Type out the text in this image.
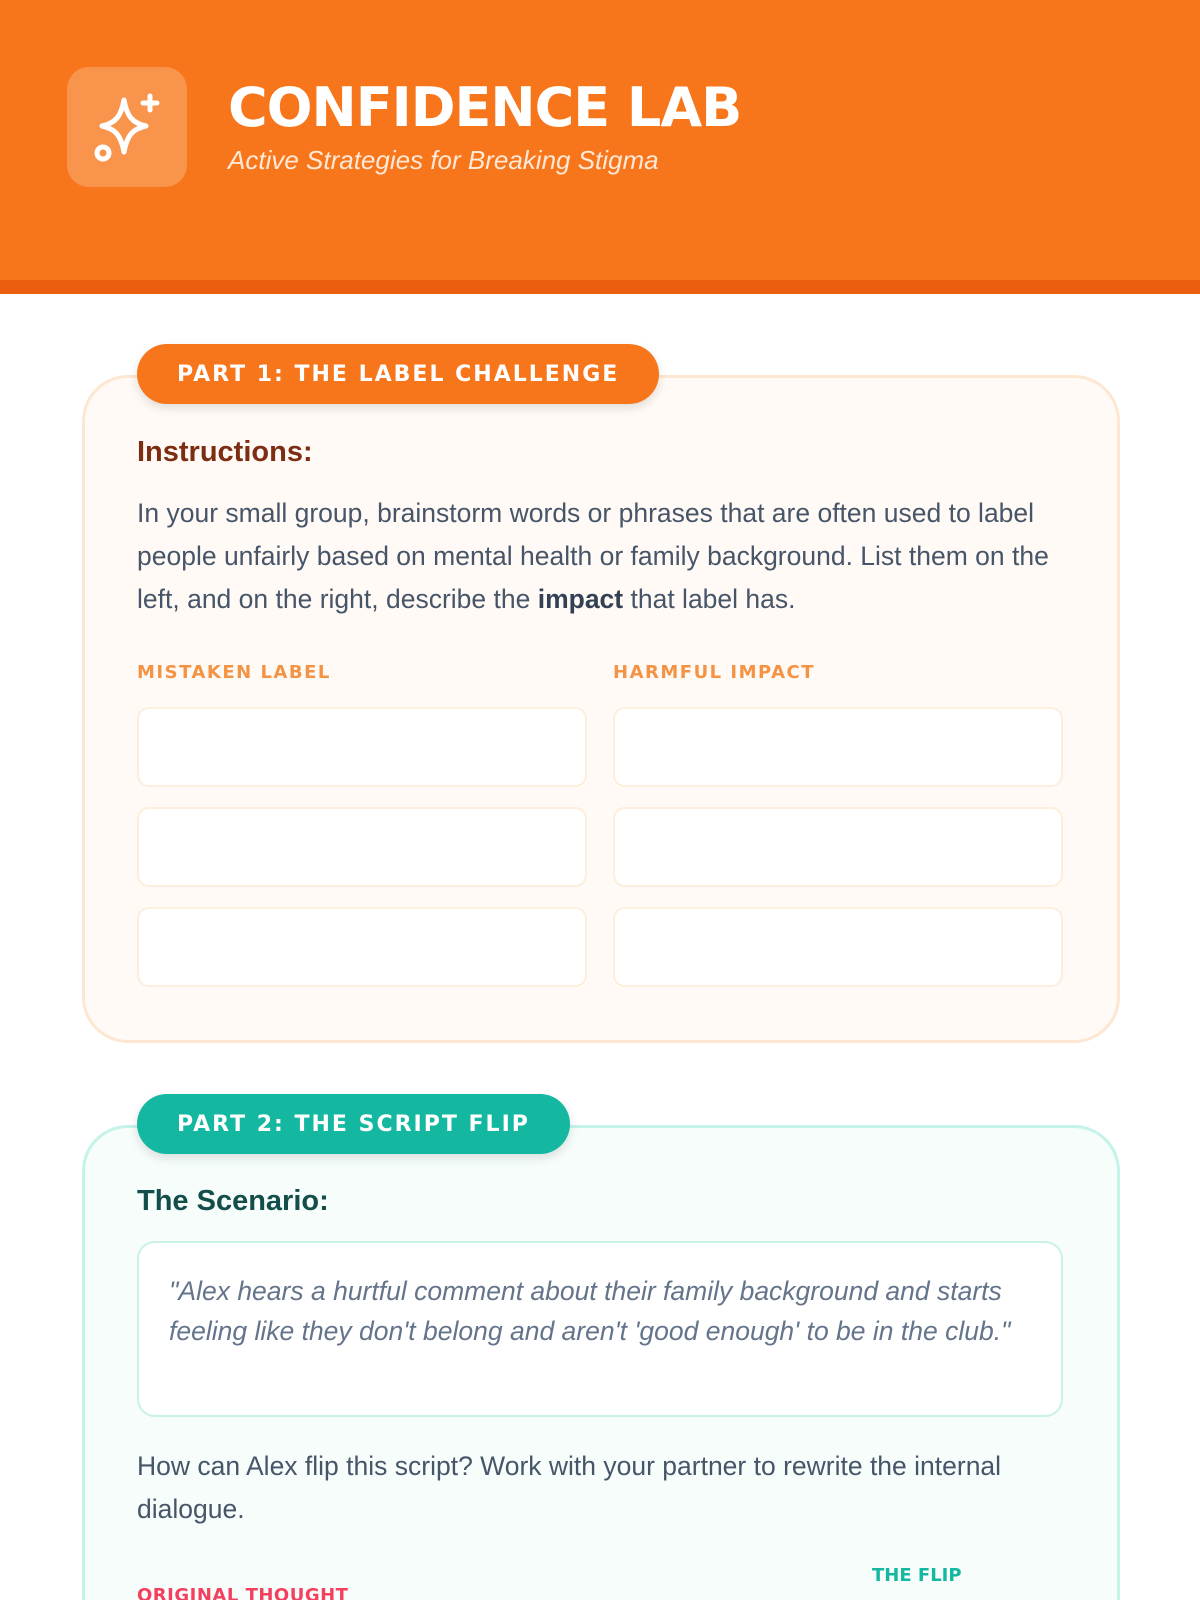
CONFIDENCE LAB
Active Strategies for Breaking Stigma
PART 1: THE LABEL CHALLENGE
Instructions:
In your small group, brainstorm words or phrases that are often used to label people unfairly based on mental health or family background. List them on the left, and on the right, describe the impact that label has.
MISTAKEN LABEL	HARMFUL IMPACT
PART 2: THE SCRIPT FLIP
The Scenario:
"Alex hears a hurtful comment about their family background and starts feeling like they don't belong and aren't 'good enough' to be in the club."
How can Alex flip this script? Work with your partner to rewrite the internal dialogue.
ORIGINAL THOUGHT
THE FLIP
